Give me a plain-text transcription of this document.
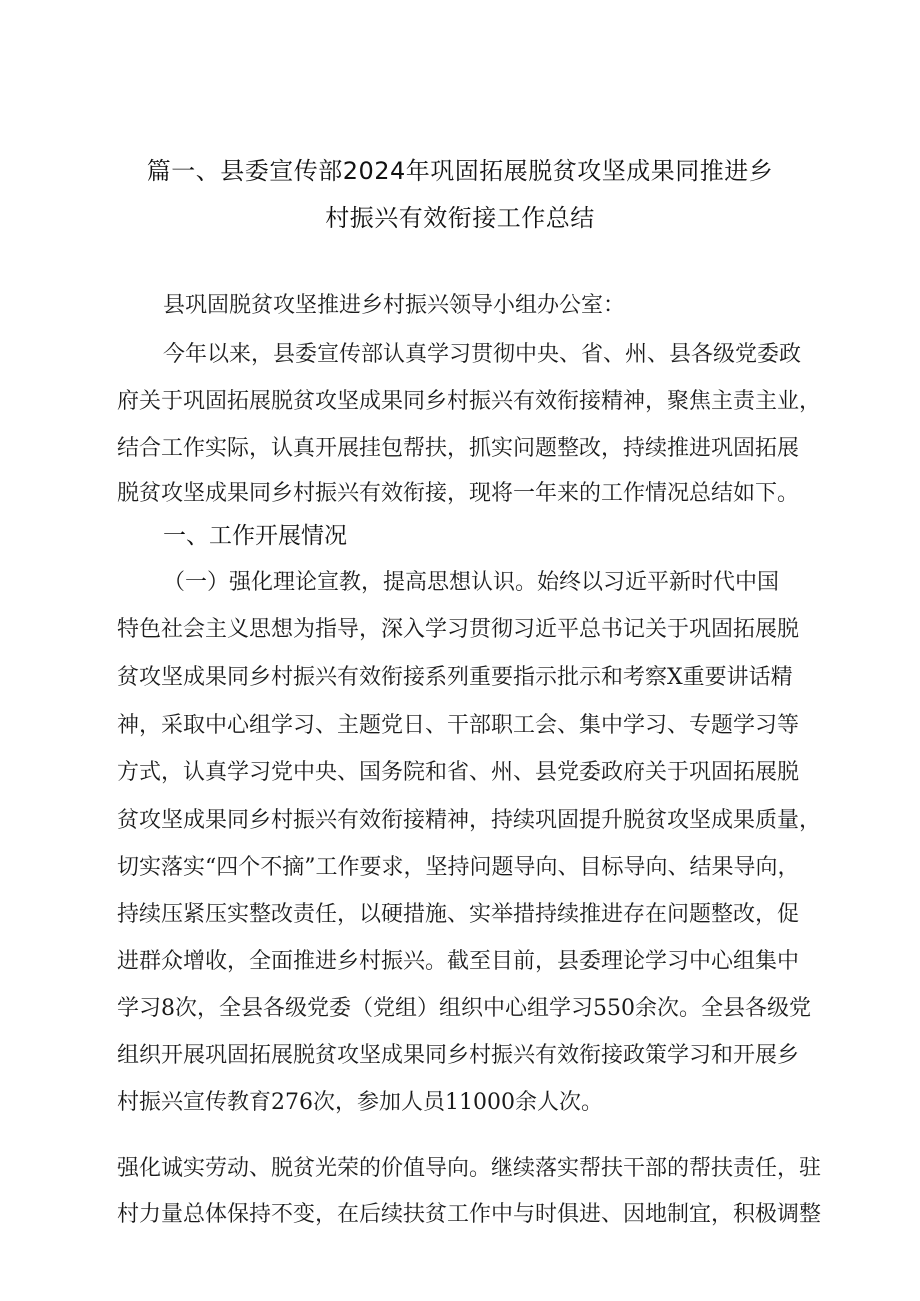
篇一、县委宣传部2024年巩固拓展脱贫攻坚成果同推进乡
村振兴有效衔接工作总结
县巩固脱贫攻坚推进乡村振兴领导小组办公室：
今年以来，县委宣传部认真学习贯彻中央、省、州、县各级党委政
府关于巩固拓展脱贫攻坚成果同乡村振兴有效衔接精神，聚焦主责主业，
结合工作实际，认真开展挂包帮扶，抓实问题整改，持续推进巩固拓展
脱贫攻坚成果同乡村振兴有效衔接，现将一年来的工作情况总结如下。
一、工作开展情况
（一）强化理论宣教，提高思想认识。始终以习近平新时代中国
特色社会主义思想为指导，深入学习贯彻习近平总书记关于巩固拓展脱
贫攻坚成果同乡村振兴有效衔接系列重要指示批示和考察X重要讲话精
神，采取中心组学习、主题党日、干部职工会、集中学习、专题学习等
方式，认真学习党中央、国务院和省、州、县党委政府关于巩固拓展脱
贫攻坚成果同乡村振兴有效衔接精神，持续巩固提升脱贫攻坚成果质量，
切实落实“四个不摘”工作要求，坚持问题导向、目标导向、结果导向，
持续压紧压实整改责任，以硬措施、实举措持续推进存在问题整改，促
进群众增收，全面推进乡村振兴。截至目前，县委理论学习中心组集中
学习8次，全县各级党委（党组）组织中心组学习550余次。全县各级党
组织开展巩固拓展脱贫攻坚成果同乡村振兴有效衔接政策学习和开展乡
村振兴宣传教育276次，参加人员11000余人次。
强化诚实劳动、脱贫光荣的价值导向。继续落实帮扶干部的帮扶责任，驻
村力量总体保持不变，在后续扶贫工作中与时俱进、因地制宜，积极调整
